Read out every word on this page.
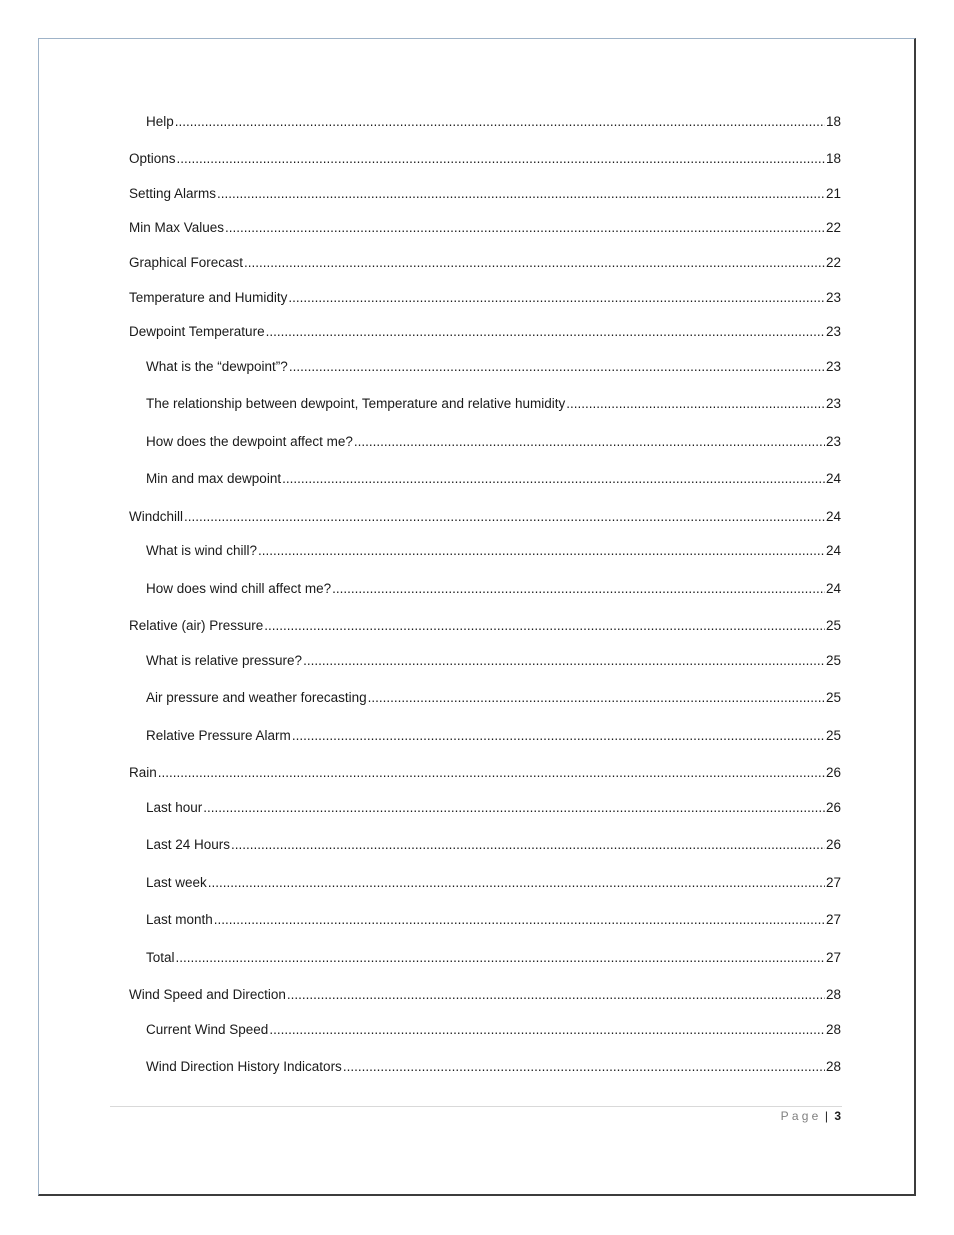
Help .....	18
Options .....	18
Setting Alarms .....	21
Min Max Values .....	22
Graphical Forecast .....	22
Temperature and Humidity .....	23
Dewpoint Temperature .....	23
What is the “dewpoint”? .....	23
The relationship between dewpoint, Temperature and relative humidity .....	23
How does the dewpoint affect me? .....	23
Min and max dewpoint .....	24
Windchill .....	24
What is wind chill? .....	24
How does wind chill affect me? .....	24
Relative (air) Pressure .....	25
What is relative pressure? .....	25
Air pressure and weather forecasting .....	25
Relative Pressure Alarm .....	25
Rain .....	26
Last hour .....	26
Last 24 Hours .....	26
Last week .....	27
Last month .....	27
Total .....	27
Wind Speed and Direction .....	28
Current Wind Speed .....	28
Wind Direction History Indicators .....	28
Page | 3
